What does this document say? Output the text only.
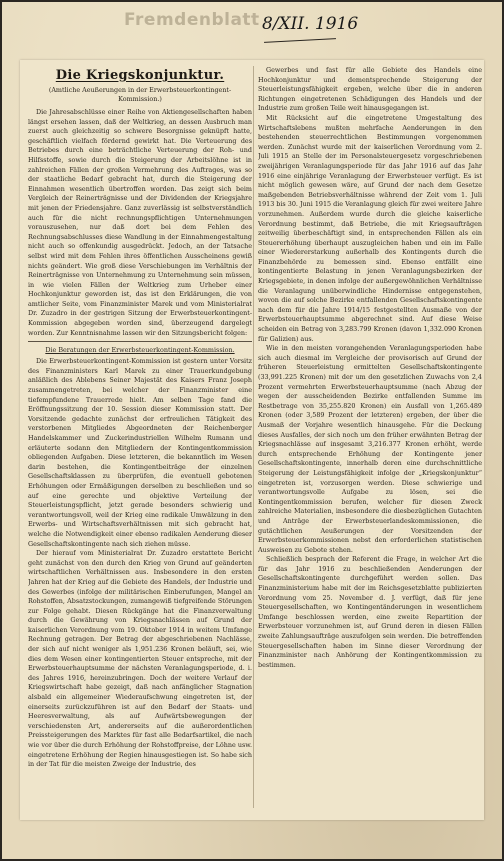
Fremdenblatt 8/XII. 1916
Die Kriegskonjunktur.
(Amtliche Aeußerungen in der Erwerbsteuerkontingent-Kommission.)

Die Jahresabschlüsse einer Reihe von Aktiengesellschaften haben längst ersehen lassen, daß der Weltkrieg, an dessen Ausbruch man zuerst auch gleichzeitig so schwere Besorgnisse geknüpft hatte, geschäftlich vielfach fördernd gewirkt hat. Die Verteuerung des Betriebes durch eine beträchtliche Verteuerung der Roh- und Hilfsstoffe, sowie durch die Steigerung der Arbeitslöhne ist in zahlreichen Fällen der großen Vermehrung des Auftrages, was so der staatliche Bedarf gebracht hat, durch die Steigerung der Einnahmen wesentlich übertroffen worden. Das zeigt sich beim Vergleich der Reinerträgnisse und der Dividenden der Kriegsjahre mit jenen der Friedensjahre. Ganz zuverlässig ist selbstverständlich auch für die nicht rechnungspflichtigen Unternehmungen vorauszusehen, nur daß dort bei dem Fehlen des Rechnungsabschlusses diese Wandlung in der Einnahmengestaltung nicht auch so offenkundig ausgedrückt. Jedoch, an der Tatsache selbst wird mit dem Fehlen ihres öffentlichen Ausscheinens gewiß nichts geändert. Wie groß diese Verschiebungen im Verhältnis der Reinerträgnisse von Unternehmung zu Unternehmung sein müssen, in wie vielen Fällen der Weltkrieg zum Urheber einer Hochkonjunktur geworden ist, das ist den Erklärungen, die von amtlicher Seite, vom Finanzminister Marek und vom Ministerialrat Dr. Zuzadro in der gestrigen Sitzung der Erwerbsteuerkontingent-Kommission abgegeben worden sind, überzeugend dargelegt worden. Zur Kenntnisnahme lassen wir den Sitzungsbericht folgen:

Die Beratungen der Erwerbsteuerkontingent-Kommission.

Die Erwerbsteuerkontingent-Kommission ist gestern unter Vorsitz des Finanzministers Karl Marek zu einer Trauerkundgebung anläßlich des Ablebens Seiner Majestät des Kaisers Franz Joseph zusammengetreten, bei welcher der Finanzminister eine tiefempfundene Trauerrede hielt. Am selben Tage fand die Eröffnungssitzung der 10. Session dieser Kommission statt. Der Vorsitzende gedachte zunächst der erfreulichen Tätigkeit des verstorbenen Mitgliedes Abgeordneten der Reichenberger Handelskammer und Zuckerindustriellen Wilhelm Rumann und erläuterte sodann den Mitgliedern der Kontingentkommission obliegenden Aufgaben. Diese letzteren, die bekanntlich im Wesen darin bestehen, die Kontingentbeiträge der einzelnen Gesellschaftsklassen zu überprüfen, die eventuell gebotenen Erhöhungen oder Ermäßigungen derselben zu beschließen und so auf eine gerechte und objektive Verteilung der Steuerleistungspflicht, jetzt gerade besonders schwierig und verantwortungsvoll, weil der Krieg eine radikale Umwälzung in den Erwerbs- und Wirtschaftsverhältnissen mit sich gebracht hat, welche die Notwendigkeit einer ebenso radikalen Aenderung dieser Gesellschaftskontingente nach sich ziehen müsse.

Der hierauf vom Ministerialrat Dr. Zuzadro erstattete Bericht geht zunächst von den durch den Krieg von Grund auf geänderten wirtschaftlichen Verhältnissen aus. Insbesondere in den ersten Jahren hat der Krieg auf die Gebiete des Handels, der Industrie und des Gewerbes (infolge der militärischen Einberufungen, Mangel an Rohstoffen, Absatzstockungen, zumangewiß tiefgreifende Störungen zur Folge gehabt. Diesen Rückgänge hat die Finanzverwaltung durch die Gewährung von Kriegsnachlässen auf Grund der kaiserlichen Verordnung vom 19. Oktober 1914 in weitem Umfange Rechnung getragen. Der Betrag der abgeschriebenen Nachlässe, der sich auf nicht weniger als 1,951.236 Kronen beläuft, sei, wie dies dem Wesen einer kontingentierten Steuer entspreche, mit der Erwerbsteuerhauptsumme der nächsten Veranlagungsperiode, d. i. des Jahres 1916, hereinzubringen. Doch der weitere Verlauf der Kriegswirtschaft habe gezeigt, daß nach anfänglicher Stagnation alsbald ein allgemeiner Wiederaufschwung eingetreten ist, der einerseits zurückzuführen ist auf den Bedarf der Staats- und Heeresverwaltung, als auf Aufwärtsbewegungen der verschiedensten Art, andererseits auf die außerordentlichen Preissteigerungen des Marktes für fast alle Bedarfsartikel, die nach wie vor über die durch Erhöhung der Rohstoffpreise, der Löhne usw. eingetretene Erhöhung der Regien hinausgestiegen ist. So habe sich in der Tat für die meisten Zweige der Industrie, des

Gewerbes und fast für alle Gebiete des Handels eine Hochkonjunktur und dementsprechende Steigerung der Steuerleistungsfähigkeit ergeben, welche über die in anderen Richtungen eingetretenen Schädigungen des Handels und der Industrie zum großen Teile weit hinausgegangen ist.

Mit Rücksicht auf die eingetretene Umgestaltung des Wirtschaftslebens mußten mehrfache Aenderungen in den bestehenden steuerrechtlichen Bestimmungen vorgenommen werden. Zunächst wurde mit der kaiserlichen Verordnung vom 2. Juli 1915 an Stelle der im Personalsteuergesetz vorgeschriebenen zweijährigen Veranlagungsperiode für das Jahr 1916 auf das Jahr 1916 eine einjährige Veranlagung der Erwerbsteuer verfügt. Es ist nicht möglich gewesen wäre, auf Grund der nach dem Gesetze maßgebenden Betriebsverhältnisse während der Zeit vom 1. Juli 1913 bis 30. Juni 1915 die Veranlagung gleich für zwei weitere Jahre vorzunehmen. Außerdem wurde durch die gleiche kaiserliche Verordnung bestimmt, daß Betriebe, die mit Kriegsaufträgen zeitweilig überbeschäftigt sind, in entsprechenden Fällen als ein Steuererhöhung überhaupt auszugleichen haben und ein im Falle einer Wiedererstarkung außerhalb des Kontingents durch die Finanzbehörde zu bemessen sind. Ebenso entfällt eine kontingentierte Belastung in jenen Veranlagungsbezirken der Kriegsgebiete, in denen infolge der außergewöhnlichen Verhältnisse die Veranlagung unüberwindliche Hindernisse entgegenstehen, wovon die auf solche Bezirke entfallenden Gesellschaftskontingente nach dem für die Jahre 1914/15 festgestellten Ausmaße von der Erwerbsteuerhauptsumme abgerechnet sind. Auf diese Weise scheiden ein Betrag von 3,283.799 Kronen (davon 1,332.090 Kronen für Galizien) aus.

Wie in den meisten vorangehenden Veranlagungsperioden habe sich auch diesmal im Vergleiche der provisorisch auf Grund der früheren Steuerleistung ermittelten Gesellschaftskontingente (33,991.225 Kronen) mit der um den gesetzlichen Zuwachs von 2,4 Prozent vermehrten Erwerbsteuerhauptsumme (nach Abzug der wegen der ausscheidenden Bezirke entfallenden Summe im Restbetrage von 35,255.820 Kronen) ein Ausfall von 1,265.489 Kronen (oder 3,589 Prozent der letzteren) ergeben, der über die Ausmaß der Vorjahre wesentlich hinausgehe. Für die Deckung dieses Ausfalles, der sich noch um den früher erwähnten Betrag der Kriegsnachlässe auf insgesamt 3,216.377 Kronen erhöht, werde durch entsprechende Erhöhung der Kontingente jener Gesellschaftskontingente, innerhalb deren eine durchschnittliche Steigerung der Leistungsfähigkeit infolge der „Kriegskonjunktur“ eingetreten ist, vorzusorgen werden. Diese schwierige und verantwortungsvolle Aufgabe zu lösen, sei die Kontingentkommission berufen, welcher für diesen Zweck zahlreiche Materialien, insbesondere die diesbezüglichen Gutachten und Anträge der Erwerbsteuerlandeskommissionen, die gutächtlichen Aeußerungen der Vorsitzenden der Erwerbsteuerkommissionen nebst den erforderlichen statistischen Ausweisen zu Gebote stehen.

Schließlich besprach der Referent die Frage, in welcher Art die für das Jahr 1916 zu beschließenden Aenderungen der Gesellschaftskontingente durchgeführt werden sollen. Das Finanzministerium habe mit der im Reichsgesetzblatte publizierten Verordnung vom 25. November d. J. verfügt, daß für jene Steuergesellschaften, wo Kontingentänderungen in wesentlichem Umfange beschlossen werden, eine zweite Repartition der Erwerbsteuer vorzunehmen ist, auf Grund deren in diesen Fällen zweite Zahlungsaufträge auszufolgen sein werden. Die betreffenden Steuergesellschaften haben im Sinne dieser Verordnung der Finanzminister nach Anhörung der Kontingentkommission zu bestimmen.
